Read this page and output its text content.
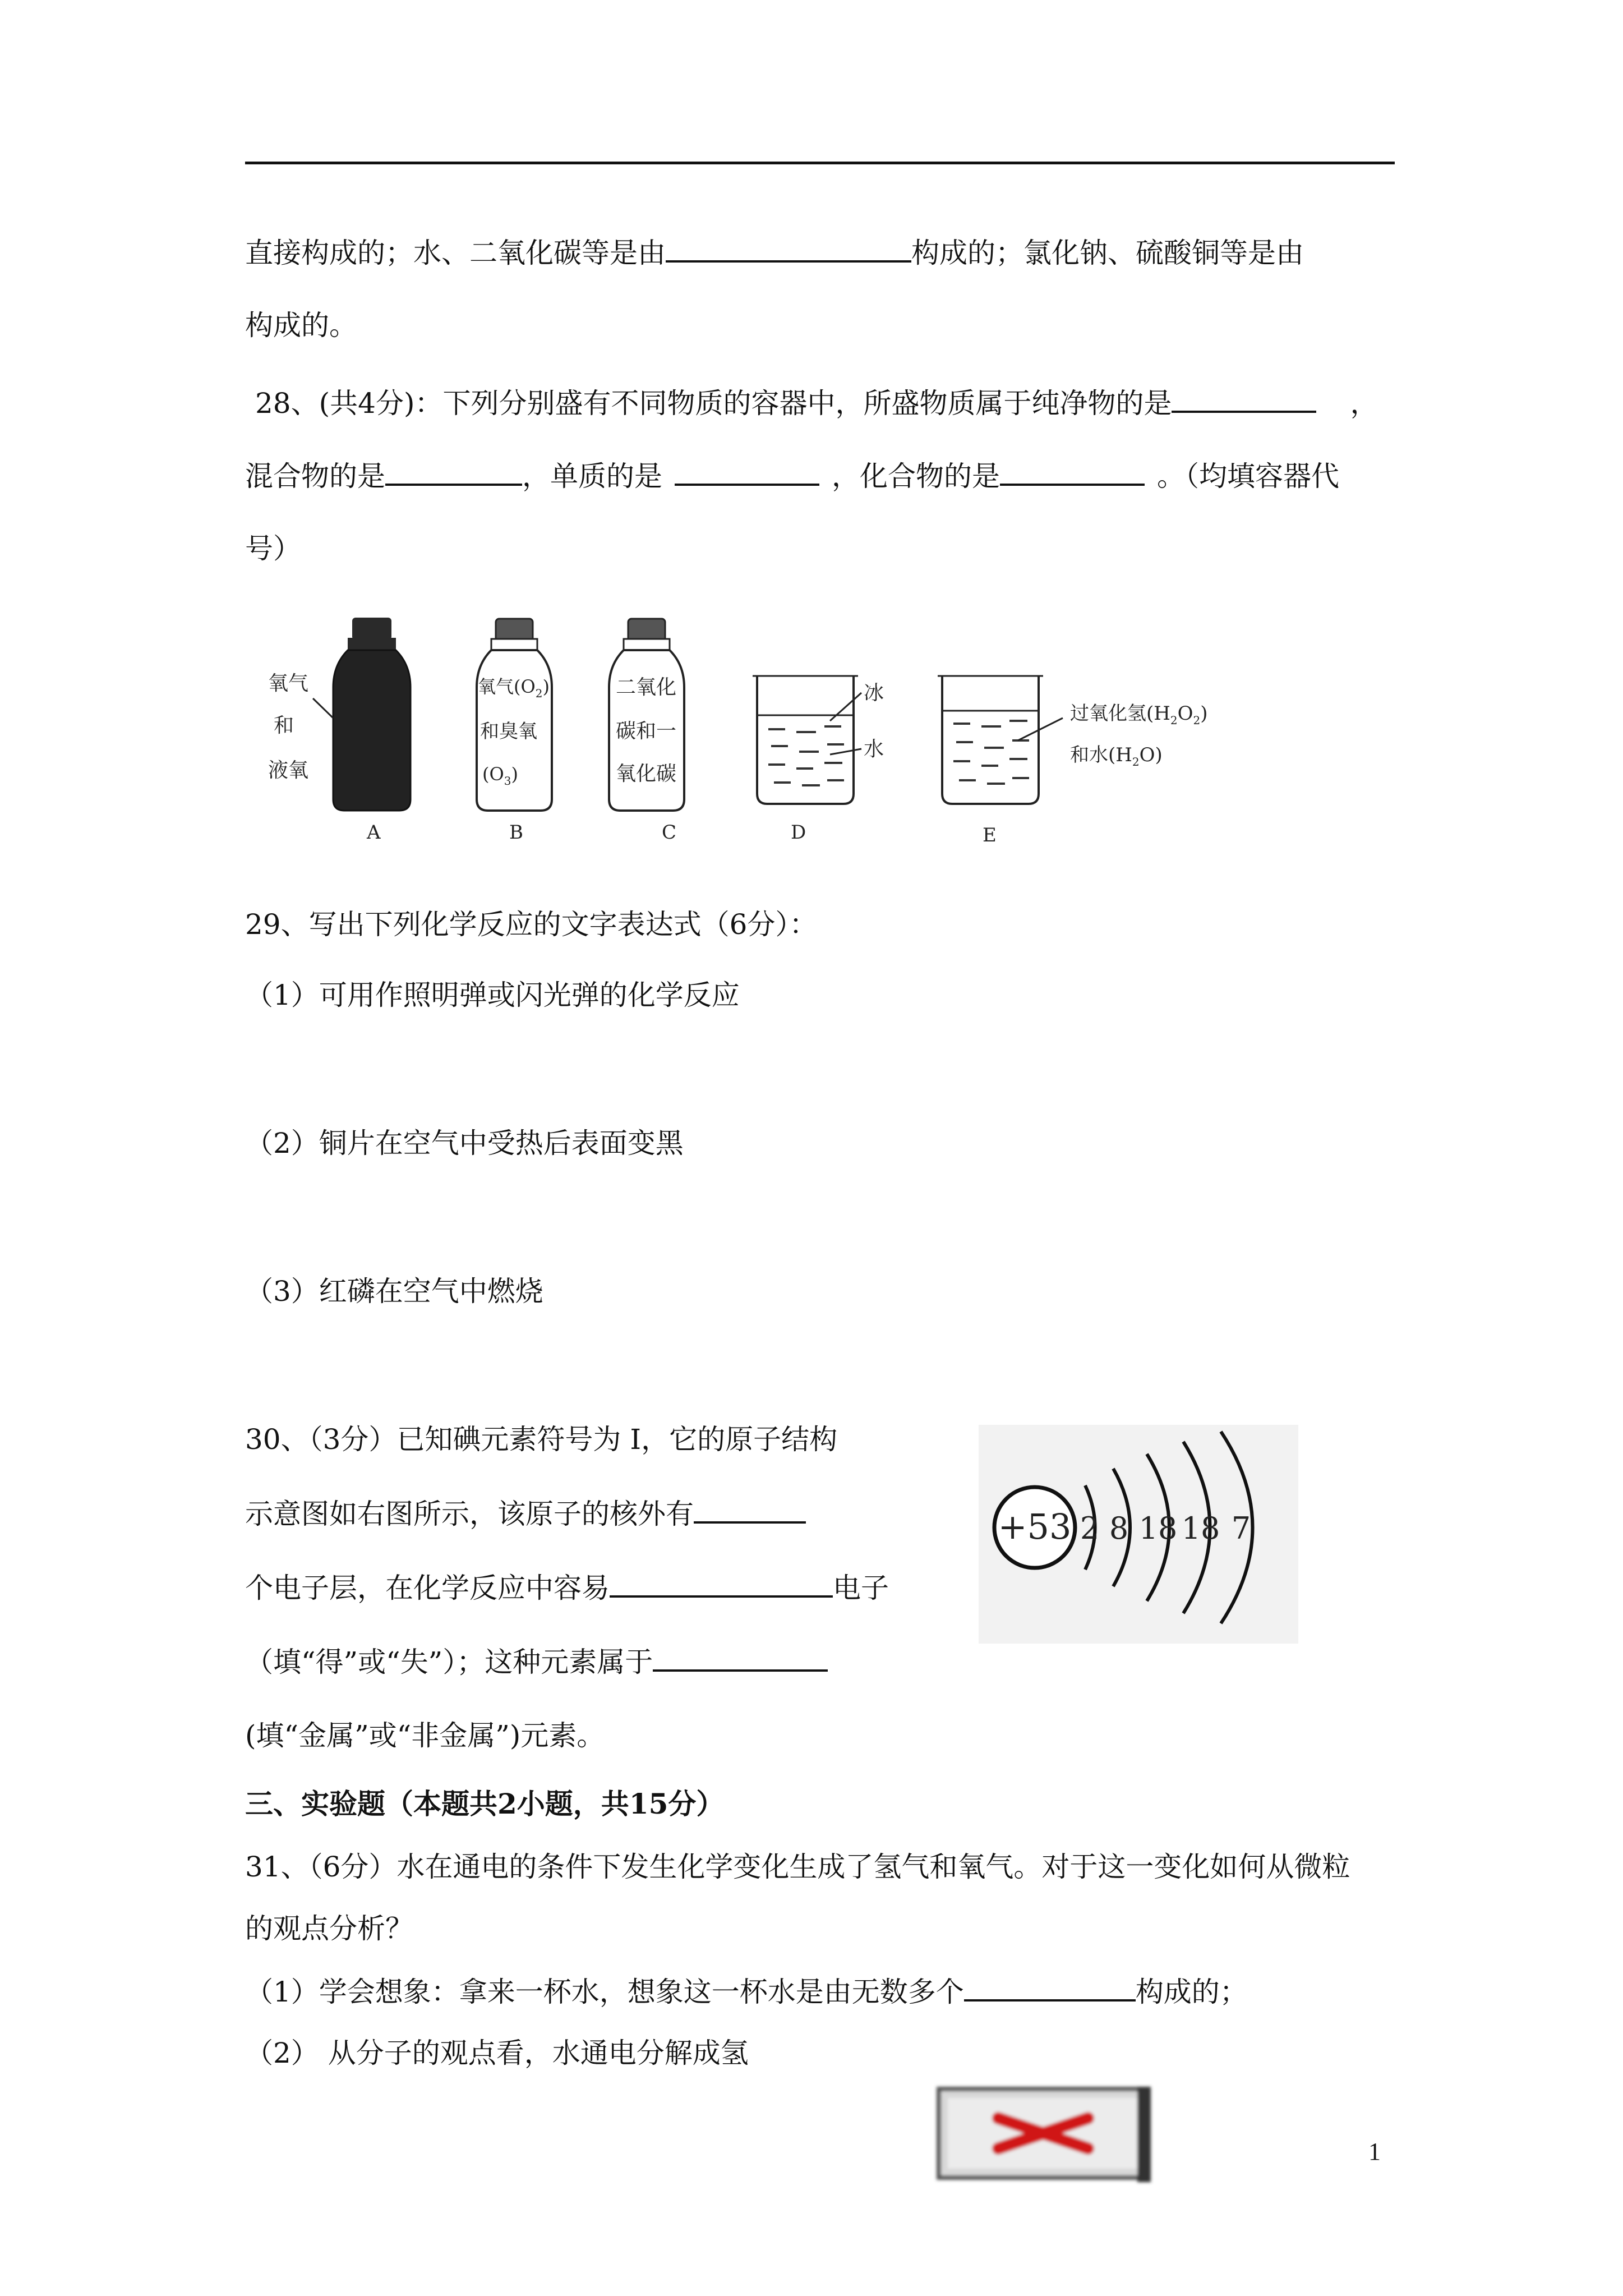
直接构成的；水、二氧化碳等是由	构成的；氯化钠、硫酸铜等是由
构成的。
28、(共4分)：下列分别盛有不同物质的容器中，所盛物质属于纯净物的是	，
混合物的是	，单质的是	，化合物的是	。（均填容器代
号）
氧气
和
液氧
氧气$(O_2)$
和臭氧
$(O_3)$
二氧化
碳和一
氧化碳
冰
水
过氧化氢$(H_2O_2)$
和水$(H_2O)$
A	B	C	D	E
29、写出下列化学反应的文字表达式（6分）：
（1）可用作照明弹或闪光弹的化学反应
（2）铜片在空气中受热后表面变黑
（3）红磷在空气中燃烧
30、（3分）已知碘元素符号为 I，它的原子结构
示意图如右图所示，该原子的核外有
个电子层，在化学反应中容易	电子
（填“得”或“失”）；这种元素属于
(填“金属”或“非金属”)元素。
+53 2 8 18 18 7
三、实验题（本题共2小题，共15分）
31、（6分）水在通电的条件下发生化学变化生成了氢气和氧气。对于这一变化如何从微粒
的观点分析？
（1）学会想象：拿来一杯水，想象这一杯水是由无数多个	构成的；
（2） 从分子的观点看，水通电分解成氢
1
